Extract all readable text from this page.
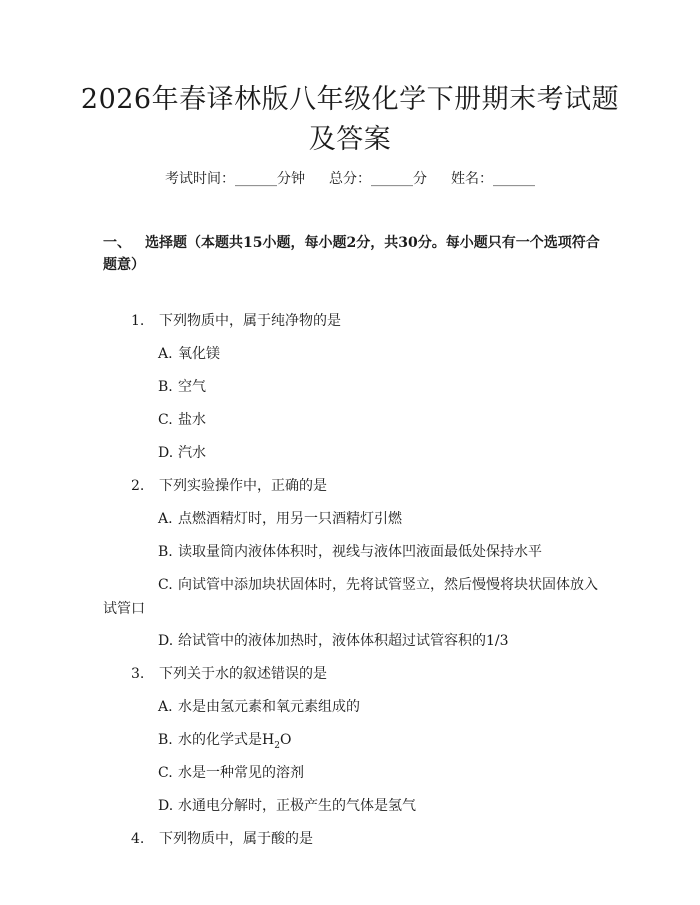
2026年春译林版八年级化学下册期末考试题
及答案
考试时间：______分钟 总分：______分 姓名：______
一、 选择题（本题共15小题，每小题2分，共30分。每小题只有一个选项符合题意）
1. 下列物质中，属于纯净物的是
A. 氧化镁
B. 空气
C. 盐水
D. 汽水
2. 下列实验操作中，正确的是
A. 点燃酒精灯时，用另一只酒精灯引燃
B. 读取量筒内液体体积时，视线与液体凹液面最低处保持水平
C. 向试管中添加块状固体时，先将试管竖立，然后慢慢将块状固体放入
试管口
D. 给试管中的液体加热时，液体体积超过试管容积的1/3
3. 下列关于水的叙述错误的是
A. 水是由氢元素和氧元素组成的
B. 水的化学式是$H_2O$
C. 水是一种常见的溶剂
D. 水通电分解时，正极产生的气体是氢气
4. 下列物质中，属于酸的是
